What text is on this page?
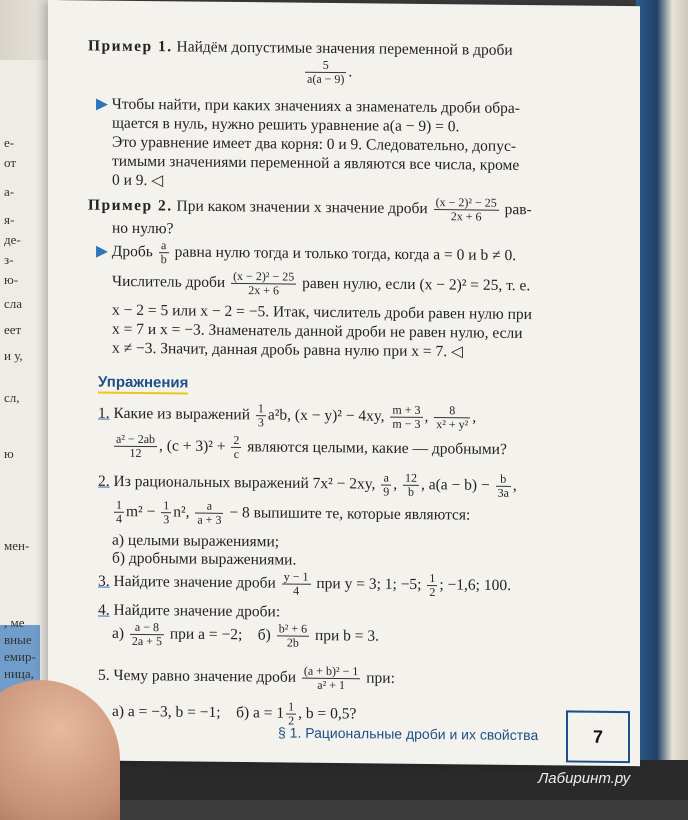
е-
от
а-
я-
де-
з-
ю-
сла
еет
и у,
сл,
ю
мен-
, ме
вные
емир-
ница,
Пример 1. Найдём допустимые значения переменной в дроби
$\frac{5}{a(a - 9)}$ .
▶ Чтобы найти, при каких значениях a знаменатель дроби обра-
щается в нуль, нужно решить уравнение a(a − 9) = 0.
Это уравнение имеет два корня: 0 и 9. Следовательно, допус-
тимыми значениями переменной a являются все числа, кроме
0 и 9. ◁
Пример 2. При каком значении x значение дроби $\frac{\text{(x − 2)² − 25}}{2x + 6} рав-$
но нулю?
▶ Дробь $\frac{a}{b}$ равна нулю тогда и только тогда, когда a = 0 и b ≠ 0.
Числитель дроби $\frac{\text{(x − 2)² − 25}}{2x + 6}$ равен нулю, если (x − 2)² = 25, т. е.
x − 2 = 5 или x − 2 = −5. Итак, числитель дроби равен нулю при
x = 7 и x = −3. Знаменатель данной дроби не равен нулю, если
x ≠ −3. Значит, данная дробь равна нулю при x = 7. ◁
Упражнения
1. Какие из выражений $\frac{1}{3} a^2b$, (x − y)² − 4xy, $\frac{m + 3}{m - 3}$ , $\frac{8}{\text{x² + y²}}$ ,
$\frac{\text{a² − 2ab}}{12}$ , $(c + 3)^2 + \frac{2}{c}$ являются целыми, какие — дробными?
2. Из рациональных выражений 7x² − 2xy, $\frac{a}{9}$ , $\frac{12}{b}$ , $a(a - b) - \frac{b}{3a}$ ,
$\frac{1}{4} m^2 - \frac{1}{3} n^2$, $\frac{a}{a + 3} - 8$ выпишите те, которые являются:
а) целыми выражениями;
б) дробными выражениями.
3. Найдите значение дроби $\frac{y - 1}{4}$ при y = 3; 1; −5; $\frac{1}{2}$ ; −1,6; 100.
4. Найдите значение дроби:
$а) \frac{a - 8}{2a + 5}$ при a = −2; $б) \frac{\text{b² + 6}}{2b}$ при b = 3.
5. Чему равно значение дроби $\frac{\text{(a + b)² − 1}}{\text{a² + 1}}$ при:
а) a = −3, b = −1; б) $a = 1 \frac{1}{2}$ , b = 0,5?
§ 1. Рациональные дроби и их свойства	7
Лабиринт.ру
